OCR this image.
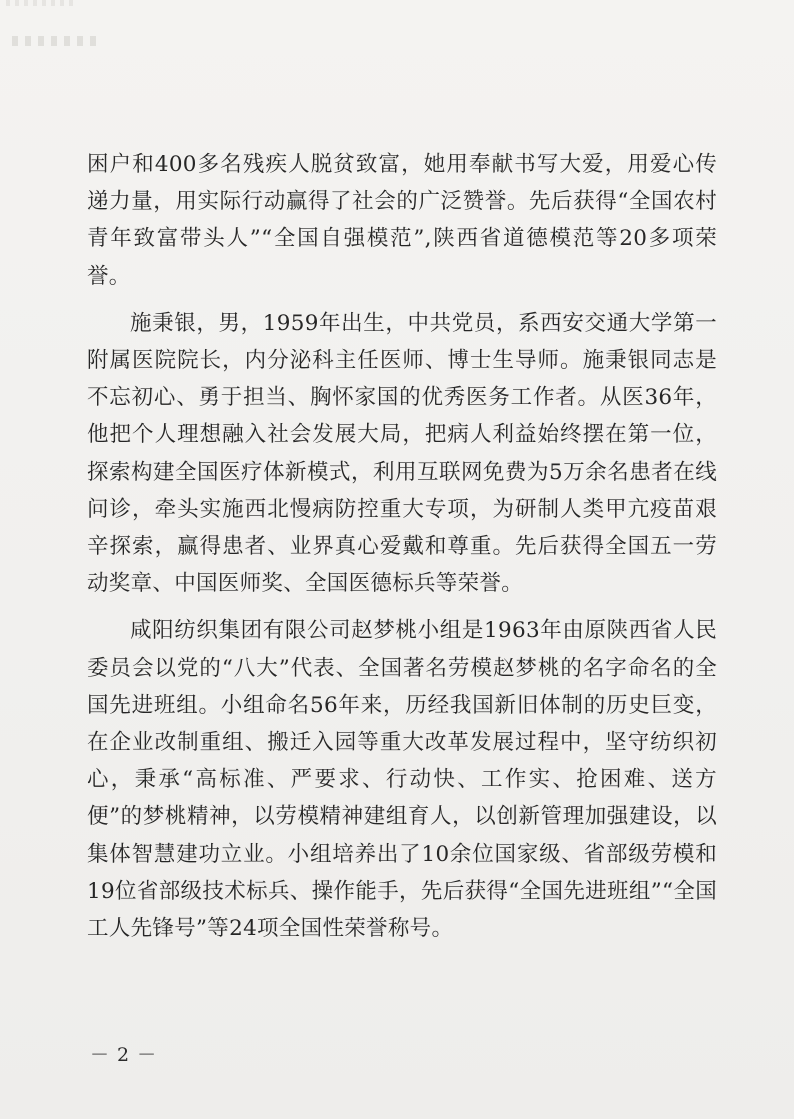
困户和400多名残疾人脱贫致富，她用奉献书写大爱，用爱心传递力量，用实际行动赢得了社会的广泛赞誉。先后获得“全国农村青年致富带头人”“全国自强模范”,陕西省道德模范等20多项荣誉。

施秉银，男，1959年出生，中共党员，系西安交通大学第一附属医院院长，内分泌科主任医师、博士生导师。施秉银同志是不忘初心、勇于担当、胸怀家国的优秀医务工作者。从医36年，他把个人理想融入社会发展大局，把病人利益始终摆在第一位，探索构建全国医疗体新模式，利用互联网免费为5万余名患者在线问诊，牵头实施西北慢病防控重大专项，为研制人类甲亢疫苗艰辛探索，赢得患者、业界真心爱戴和尊重。先后获得全国五一劳动奖章、中国医师奖、全国医德标兵等荣誉。

咸阳纺织集团有限公司赵梦桃小组是1963年由原陕西省人民委员会以党的“八大”代表、全国著名劳模赵梦桃的名字命名的全国先进班组。小组命名56年来，历经我国新旧体制的历史巨变，在企业改制重组、搬迁入园等重大改革发展过程中，坚守纺织初心，秉承“高标准、严要求、行动快、工作实、抢困难、送方便”的梦桃精神，以劳模精神建组育人，以创新管理加强建设，以集体智慧建功立业。小组培养出了10余位国家级、省部级劳模和19位省部级技术标兵、操作能手，先后获得“全国先进班组”“全国工人先锋号”等24项全国性荣誉称号。

－ 2 －
